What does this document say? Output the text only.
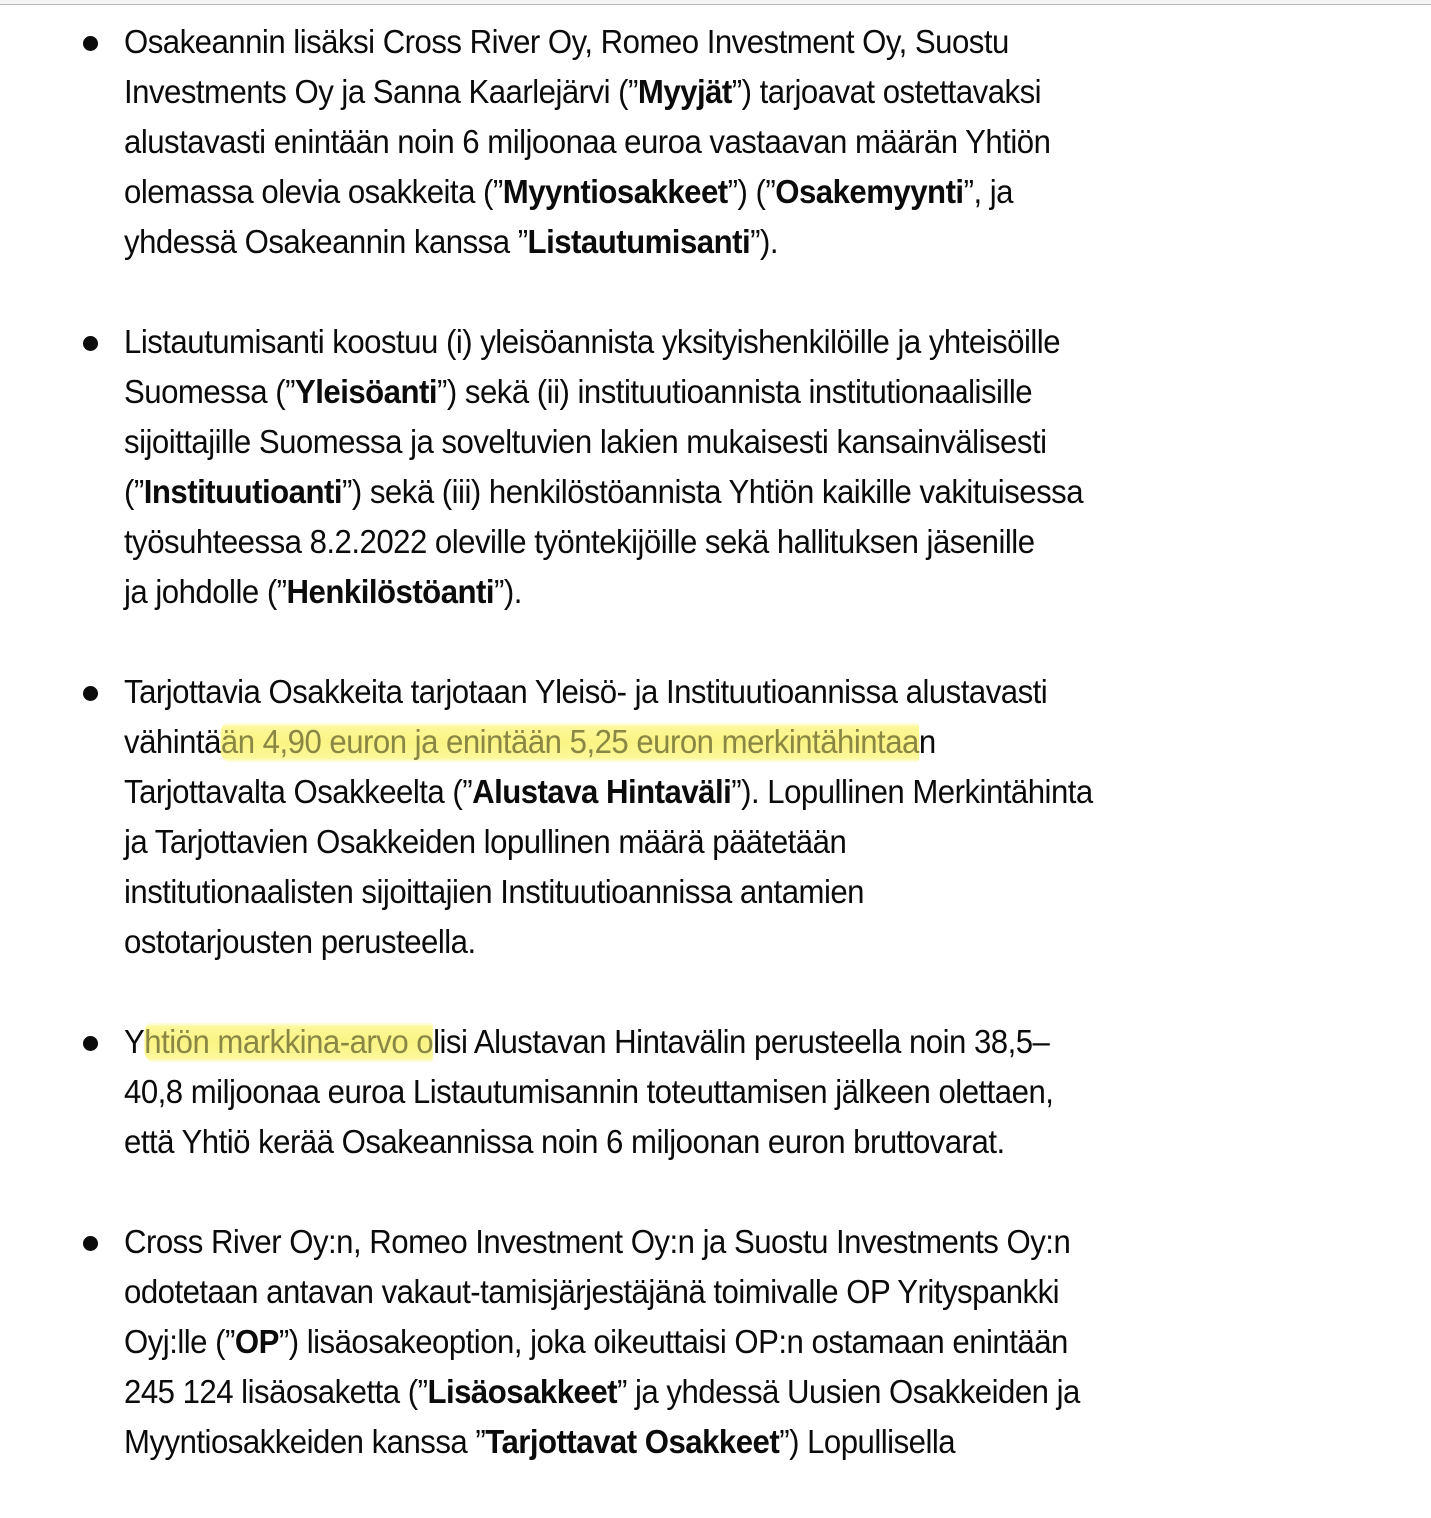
Osakeannin lisäksi Cross River Oy, Romeo Investment Oy, Suostu
Investments Oy ja Sanna Kaarlejärvi (”Myyjät”) tarjoavat ostettavaksi
alustavasti enintään noin 6 miljoonaa euroa vastaavan määrän Yhtiön
olemassa olevia osakkeita (”Myyntiosakkeet”) (”Osakemyynti”, ja
yhdessä Osakeannin kanssa ”Listautumisanti”).

Listautumisanti koostuu (i) yleisöannista yksityishenkilöille ja yhteisöille
Suomessa (”Yleisöanti”) sekä (ii) instituutioannista institutionaalisille
sijoittajille Suomessa ja soveltuvien lakien mukaisesti kansainvälisesti
(”Instituutioanti”) sekä (iii) henkilöstöannista Yhtiön kaikille vakituisessa
työsuhteessa 8.2.2022 oleville työntekijöille sekä hallituksen jäsenille
ja johdolle (”Henkilöstöanti”).

Tarjottavia Osakkeita tarjotaan Yleisö- ja Instituutioannissa alustavasti
vähintään 4,90 euron ja enintään 5,25 euron merkintähintaan
Tarjottavalta Osakkeelta (”Alustava Hintaväli”). Lopullinen Merkintähinta
ja Tarjottavien Osakkeiden lopullinen määrä päätetään
institutionaalisten sijoittajien Instituutioannissa antamien
ostotarjousten perusteella.

Yhtiön markkina-arvo olisi Alustavan Hintavälin perusteella noin 38,5–
40,8 miljoonaa euroa Listautumisannin toteuttamisen jälkeen olettaen,
että Yhtiö kerää Osakeannissa noin 6 miljoonan euron bruttovarat.

Cross River Oy:n, Romeo Investment Oy:n ja Suostu Investments Oy:n
odotetaan antavan vakaut-tamisjärjestäjänä toimivalle OP Yrityspankki
Oyj:lle (”OP”) lisäosakeoption, joka oikeuttaisi OP:n ostamaan enintään
245 124 lisäosaketta (”Lisäosakkeet” ja yhdessä Uusien Osakkeiden ja
Myyntiosakkeiden kanssa ”Tarjottavat Osakkeet”) Lopullisella
